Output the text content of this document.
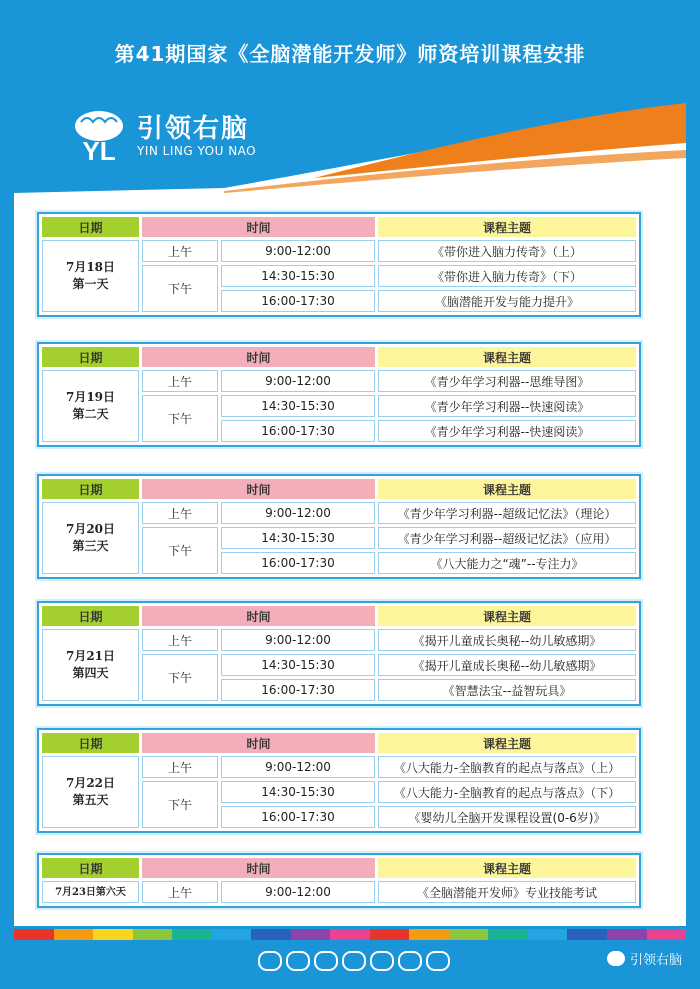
第41期国家《全脑潜能开发师》师资培训课程安排
YL
引领右脑
YIN LING YOU NAO
日期	时间		课程主题

7月18日
第一天	上午	9:00-12:00	《带你进入脑力传奇》（上）
	下午	14:30-15:30	《带你进入脑力传奇》（下）
		16:00-17:30	《脑潜能开发与能力提升》
日期	时间		课程主题

7月19日
第二天	上午	9:00-12:00	《青少年学习利器--思维导图》
	下午	14:30-15:30	《青少年学习利器--快速阅读》
		16:00-17:30	《青少年学习利器--快速阅读》
日期	时间		课程主题

7月20日
第三天	上午	9:00-12:00	《青少年学习利器--超级记忆法》（理论）
	下午	14:30-15:30	《青少年学习利器--超级记忆法》（应用）
		16:00-17:30	《八大能力之“魂”--专注力》
日期	时间		课程主题

7月21日
第四天	上午	9:00-12:00	《揭开儿童成长奥秘--幼儿敏感期》
	下午	14:30-15:30	《揭开儿童成长奥秘--幼儿敏感期》
		16:00-17:30	《智慧法宝--益智玩具》
日期	时间		课程主题

7月22日
第五天	上午	9:00-12:00	《八大能力-全脑教育的起点与落点》（上）
	下午	14:30-15:30	《八大能力-全脑教育的起点与落点》（下）
		16:00-17:30	《婴幼儿全脑开发课程设置(0-6岁)》
日期	时间		课程主题
7月23日第六天	上午	9:00-12:00	《全脑潜能开发师》专业技能考试
引领右脑
